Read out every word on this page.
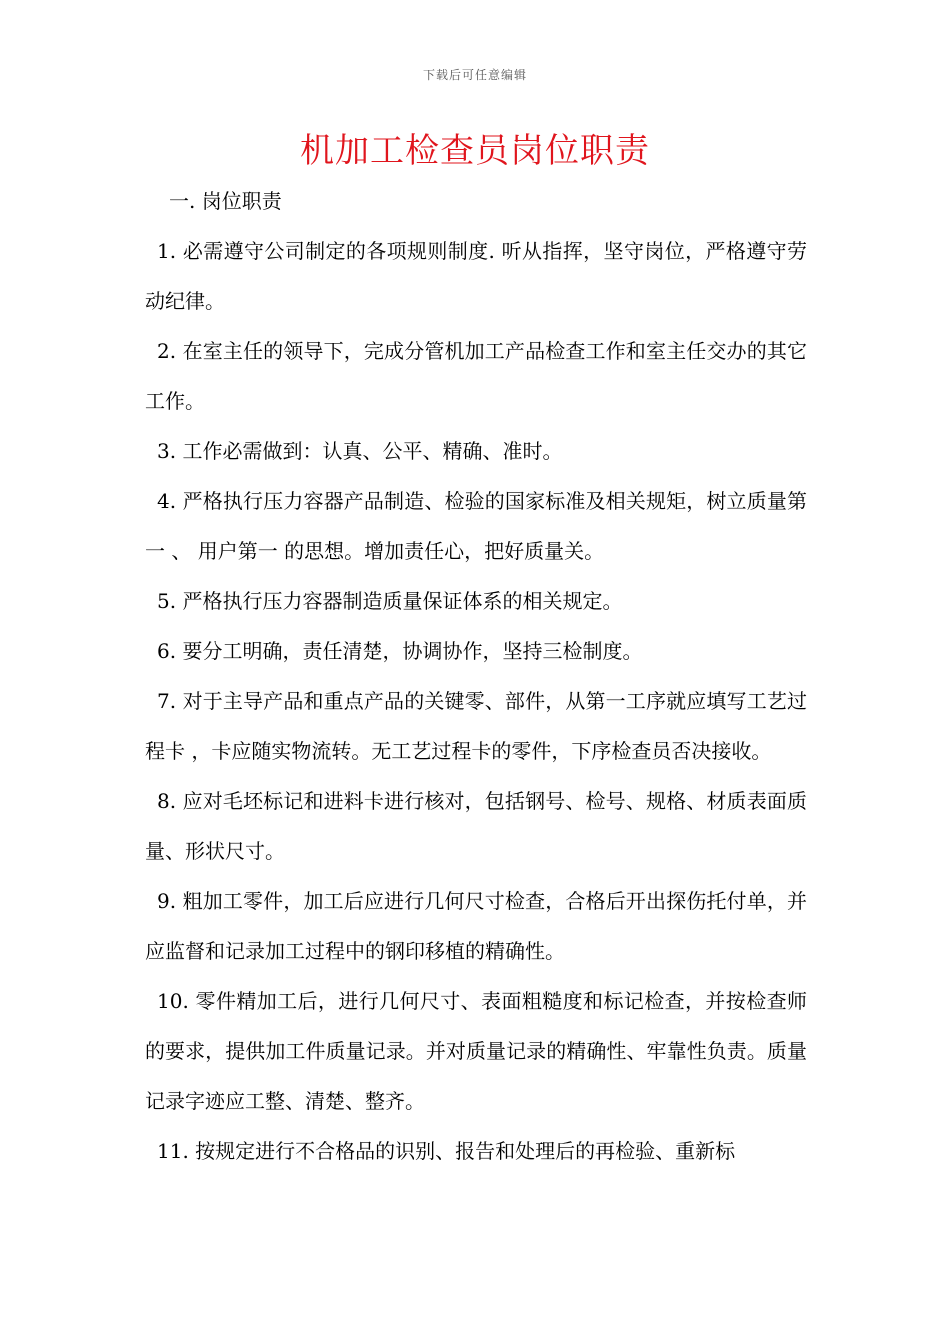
下载后可任意编辑
机加工检查员岗位职责
一. 岗位职责

1. 必需遵守公司制定的各项规则制度. 听从指挥，坚守岗位，严格遵守劳动纪律。

2. 在室主任的领导下，完成分管机加工产品检查工作和室主任交办的其它工作。

3. 工作必需做到：认真、公平、精确、准时。

4. 严格执行压力容器产品制造、检验的国家标准及相关规矩，树立质量第一 、 用户第一 的思想。增加责任心，把好质量关。

5. 严格执行压力容器制造质量保证体系的相关规定。

6. 要分工明确，责任清楚，协调协作，坚持三检制度。

7. 对于主导产品和重点产品的关键零、部件，从第一工序就应填写工艺过程卡 ，卡应随实物流转。无工艺过程卡的零件，下序检查员否决接收。

8. 应对毛坯标记和进料卡进行核对，包括钢号、检号、规格、材质表面质量、形状尺寸。

9. 粗加工零件，加工后应进行几何尺寸检查，合格后开出探伤托付单，并应监督和记录加工过程中的钢印移植的精确性。

10. 零件精加工后，进行几何尺寸、表面粗糙度和标记检查，并按检查师的要求，提供加工件质量记录。并对质量记录的精确性、牢靠性负责。质量记录字迹应工整、清楚、整齐。

11. 按规定进行不合格品的识别、报告和处理后的再检验、重新标
